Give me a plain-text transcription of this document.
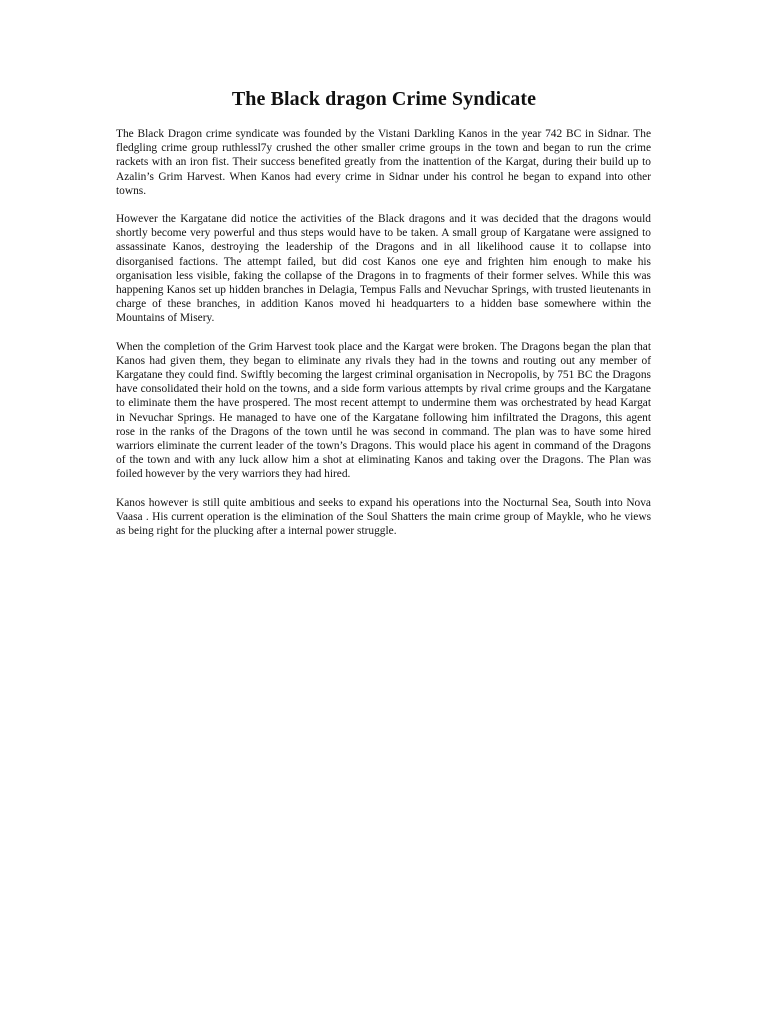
The Black dragon Crime Syndicate

The Black Dragon crime syndicate was founded by the Vistani Darkling Kanos in the year 742 BC in Sidnar. The fledgling crime group ruthlessl7y crushed the other smaller crime groups in the town and began to run the crime rackets with an iron fist. Their success benefited greatly from the inattention of the Kargat, during their build up to Azalin’s Grim Harvest. When Kanos had every crime in Sidnar under his control he began to expand into other towns.

However the Kargatane did notice the activities of the Black dragons and it was decided that the dragons would shortly become very powerful and thus steps would have to be taken. A small group of Kargatane were assigned to assassinate Kanos, destroying the leadership of the Dragons and in all likelihood cause it to collapse into disorganised factions. The attempt failed, but did cost Kanos one eye and frighten him enough to make his organisation less visible, faking the collapse of the Dragons in to fragments of their former selves. While this was happening Kanos set up hidden branches in Delagia, Tempus Falls and Nevuchar Springs, with trusted lieutenants in charge of these branches, in addition Kanos moved hi headquarters to a hidden base somewhere within the Mountains of Misery.

When the completion of the Grim Harvest took place and the Kargat were broken. The Dragons began the plan that Kanos had given them, they began to eliminate any rivals they had in the towns and routing out any member of Kargatane they could find. Swiftly becoming the largest criminal organisation in Necropolis, by 751 BC the Dragons have consolidated their hold on the towns, and a side form various attempts by rival crime groups and the Kargatane to eliminate them the have prospered. The most recent attempt to undermine them was orchestrated by head Kargat in Nevuchar Springs. He managed to have one of the Kargatane following him infiltrated the Dragons, this agent rose in the ranks of the Dragons of the town until he was second in command. The plan was to have some hired warriors eliminate the current leader of the town’s Dragons. This would place his agent in command of the Dragons of the town and with any luck allow him a shot at eliminating Kanos and taking over the Dragons. The Plan was foiled however by the very warriors they had hired.

Kanos however is still quite ambitious and seeks to expand his operations into the Nocturnal Sea, South into Nova Vaasa . His current operation is the elimination of the Soul Shatters the main crime group of Maykle, who he views as being right for the plucking after a internal power struggle.
